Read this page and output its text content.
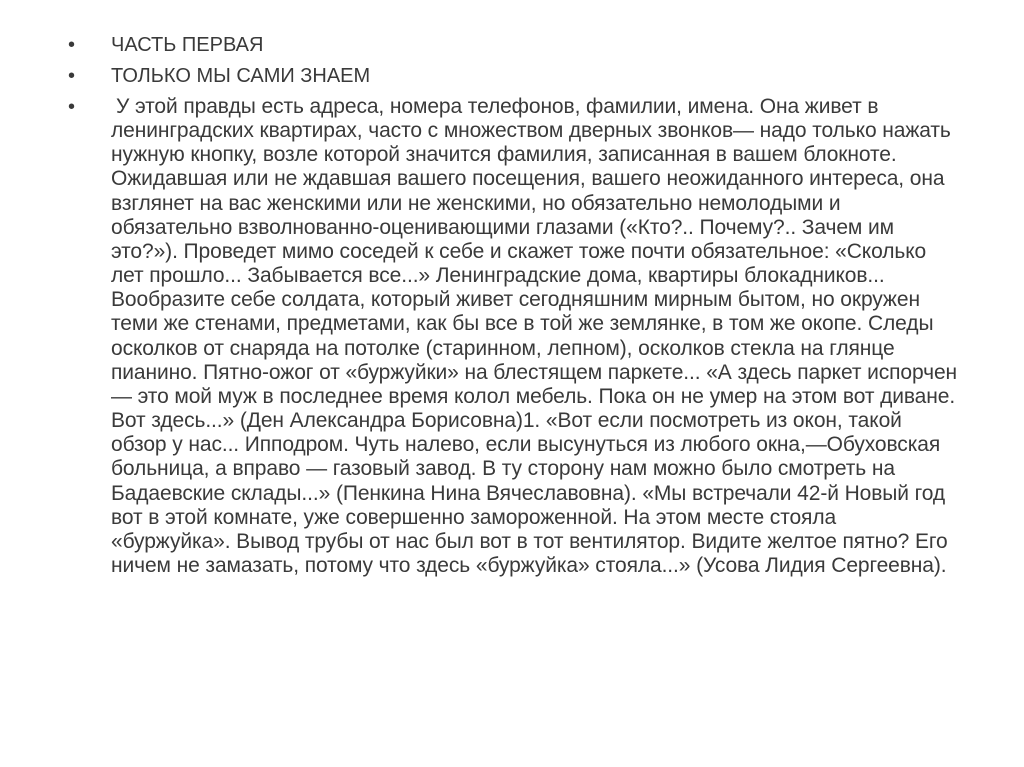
• ЧАСТЬ ПЕРВАЯ
• ТОЛЬКО МЫ САМИ ЗНАЕМ
• У этой правды есть адреса, номера телефонов, фамилии, имена. Она живет в ленинградских квартирах, часто с множеством дверных звонков— надо только нажать нужную кнопку, возле которой значится фамилия, записанная в вашем блокноте. Ожидавшая или не ждавшая вашего посещения, вашего неожиданного интереса, она взглянет на вас женскими или не женскими, но обязательно немолодыми и обязательно взволнованно-оценивающими глазами («Кто?.. Почему?.. Зачем им это?»). Проведет мимо соседей к себе и скажет тоже почти обязательное: «Сколько лет прошло... Забывается все...» Ленинградские дома, квартиры блокадников... Вообразите себе солдата, который живет сегодняшним мирным бытом, но окружен теми же стенами, предметами, как бы все в той же землянке, в том же окопе. Следы осколков от снаряда на потолке (старинном, лепном), осколков стекла на глянце пианино. Пятно-ожог от «буржуйки» на блестящем паркете... «А здесь паркет испорчен — это мой муж в последнее время колол мебель. Пока он не умер на этом вот диване. Вот здесь...» (Ден Александра Борисовна)1. «Вот если посмотреть из окон, такой обзор у нас... Ипподром. Чуть налево, если высунуться из любого окна,—Обуховская больница, а вправо — газовый завод. В ту сторону нам можно было смотреть на Бадаевские склады...» (Пенкина Нина Вячеславовна). «Мы встречали 42-й Новый год вот в этой комнате, уже совершенно замороженной. На этом месте стояла «буржуйка». Вывод трубы от нас был вот в тот вентилятор. Видите желтое пятно? Его ничем не замазать, потому что здесь «буржуйка» стояла...» (Усова Лидия Сергеевна).
